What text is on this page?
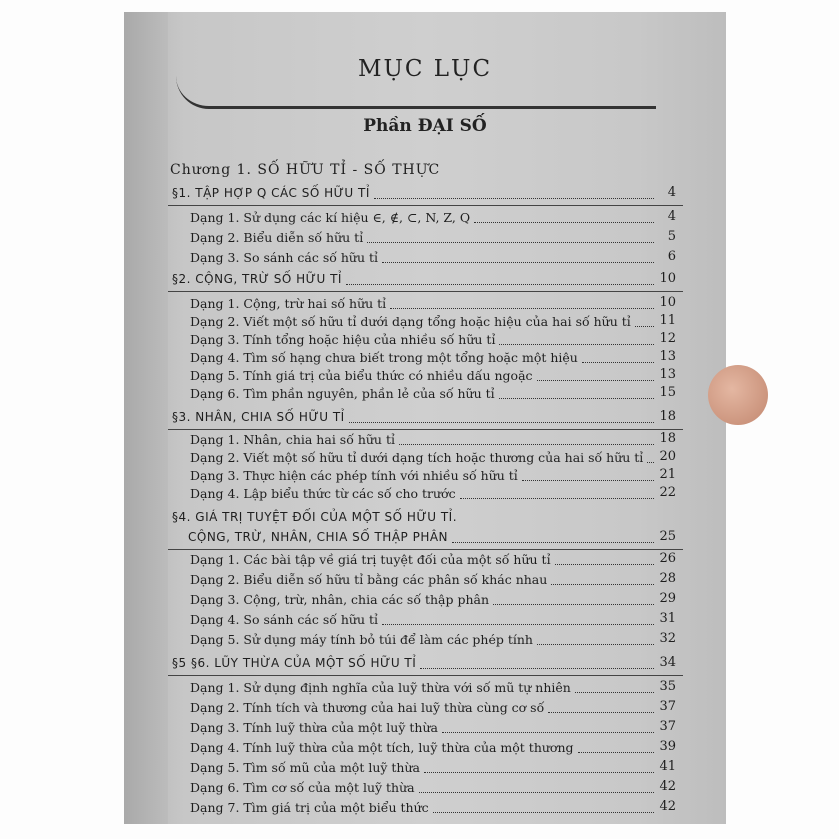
MỤC LỤC
Phần ĐẠI SỐ
Chương 1. SỐ HỮU TỈ - SỐ THỰC
§1. TẬP HỢP Q CÁC SỐ HỮU TỈ	4
Dạng 1. Sử dụng các kí hiệu ∈, ∉, ⊂, N, Z, Q	4
Dạng 2. Biểu diễn số hữu tỉ	5
Dạng 3. So sánh các số hữu tỉ	6
§2. CỘNG, TRỪ SỐ HỮU TỈ	10
Dạng 1. Cộng, trừ hai số hữu tỉ	10
Dạng 2. Viết một số hữu tỉ dưới dạng tổng hoặc hiệu của hai số hữu tỉ 11
Dạng 3. Tính tổng hoặc hiệu của nhiều số hữu tỉ	12
Dạng 4. Tìm số hạng chưa biết trong một tổng hoặc một hiệu	13
Dạng 5. Tính giá trị của biểu thức có nhiều dấu ngoặc	13
Dạng 6. Tìm phần nguyên, phần lẻ của số hữu tỉ	15
§3. NHÂN, CHIA SỐ HỮU TỈ	18
Dạng 1. Nhân, chia hai số hữu tỉ	18
Dạng 2. Viết một số hữu tỉ dưới dạng tích hoặc thương của hai số hữu tỉ 20
Dạng 3. Thực hiện các phép tính với nhiều số hữu tỉ	21
Dạng 4. Lập biểu thức từ các số cho trước	22
§4. GIÁ TRỊ TUYỆT ĐỐI CỦA MỘT SỐ HỮU TỈ.
CỘNG, TRỪ, NHÂN, CHIA SỐ THẬP PHÂN	25
Dạng 1. Các bài tập về giá trị tuyệt đối của một số hữu tỉ	26
Dạng 2. Biểu diễn số hữu tỉ bằng các phân số khác nhau	28
Dạng 3. Cộng, trừ, nhân, chia các số thập phân	29
Dạng 4. So sánh các số hữu tỉ	31
Dạng 5. Sử dụng máy tính bỏ túi để làm các phép tính	32
§5 §6. LŨY THỪA CỦA MỘT SỐ HỮU TỈ	34
Dạng 1. Sử dụng định nghĩa của luỹ thừa với số mũ tự nhiên	35
Dạng 2. Tính tích và thương của hai luỹ thừa cùng cơ số	37
Dạng 3. Tính luỹ thừa của một luỹ thừa	37
Dạng 4. Tính luỹ thừa của một tích, luỹ thừa của một thương	39
Dạng 5. Tìm số mũ của một luỹ thừa	41
Dạng 6. Tìm cơ số của một luỹ thừa	42
Dạng 7. Tìm giá trị của một biểu thức	42
